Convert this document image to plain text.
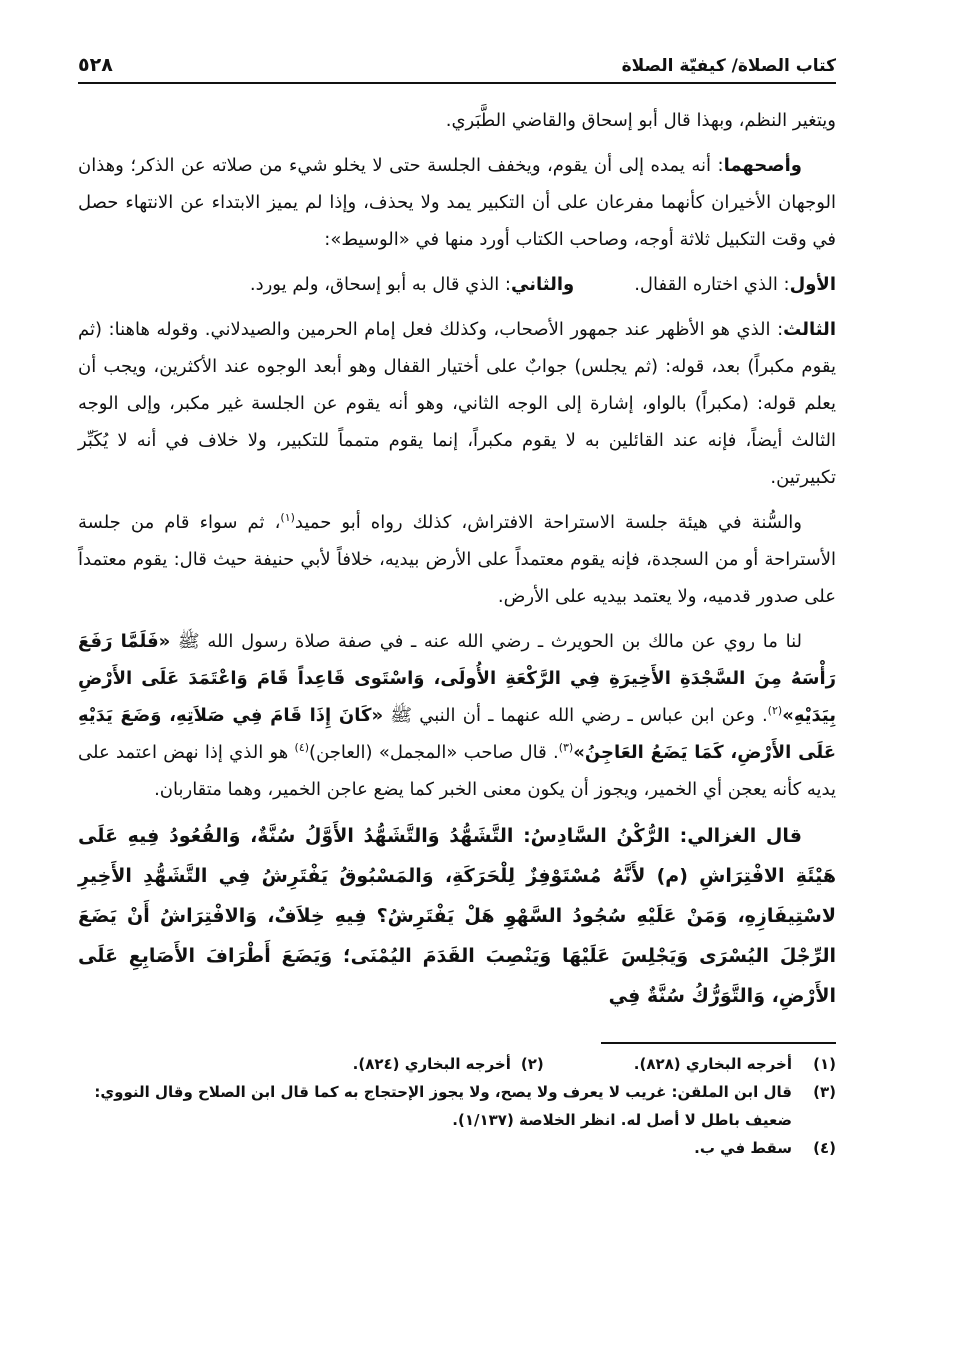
كتاب الصلاة/ كيفيّة الصلاة
٥٢٨

ويتغير النظم، وبهذا قال أبو إسحاق والقاضي الطَّبَري.

وأصحهما: أنه يمده إلى أن يقوم، ويخفف الجلسة حتى لا يخلو شيء من صلاته عن الذكر؛ وهذان الوجهان الأخيران كأنهما مفرعان على أن التكبير يمد ولا يحذف، وإذا لم يميز الابتداء عن الانتهاء حصل في وقت التكبيل ثلاثة أوجه، وصاحب الكتاب أورد منها في «الوسيط»:

الأول: الذي اختاره القفال.
والثاني: الذي قال به أبو إسحاق، ولم يورد.

الثالث: الذي هو الأظهر عند جمهور الأصحاب، وكذلك فعل إمام الحرمين والصيدلاني. وقوله هاهنا: (ثم يقوم مكبراً) بعد، قوله: (ثم يجلس) جوابٌ على أختيار القفال وهو أبعد الوجوه عند الأكثرين، ويجب أن يعلم قوله: (مكبراً) بالواو، إشارة إلى الوجه الثاني، وهو أنه يقوم عن الجلسة غير مكبر، وإلى الوجه الثالث أيضاً، فإنه عند القائلين به لا يقوم مكبراً، إنما يقوم متمماً للتكبير، ولا خلاف في أنه لا يُكَبِّر تكبيرتين.

والسُّنة في هيئة جلسة الاستراحة الافتراش، كذلك رواه أبو حميد$^{(١)}$، ثم سواء قام من جلسة الأستراحة أو من السجدة، فإنه يقوم معتمداً على الأرض بيديه، خلافاً لأبي حنيفة حيث قال: يقوم معتمداً على صدور قدميه، ولا يعتمد بيديه على الأرض.

لنا ما روي عن مالك بن الحويرث ـ رضي الله عنه ـ في صفة صلاة رسول الله ﷺ «فَلَمَّا رَفَعَ رَأْسَهُ مِنَ السَّجْدَةِ الأَخِيرَةِ فِي الرَّكْعَةِ الأُولَى، وَاسْتَوى قَاعِداً قَامَ وَاعْتَمَدَ عَلَى الأَرْضِ بِيَدَيْهِ»$^{(٢)}$. وعن ابن عباس ـ رضي الله عنهما ـ أن النبي ﷺ «كَانَ إِذَا قَامَ فِي صَلاَتِهِ، وَضَعَ يَدَيْهِ عَلَى الأَرْضِ، كَمَا يَضَعُ العَاجِنُ»$^{(٣)}$. قال صاحب «المجمل» (العاجن)$^{(٤)}$ هو الذي إذا نهض اعتمد على يديه كأنه يعجن أي الخمير، ويجوز أن يكون معنى الخبر كما يضع عاجن الخمير، وهما متقاربان.

قال الغزالي: الرُّكْنُ السَّادِسُ: التَّشَهُّدُ وَالتَّشَهُّدُ الأَوَّلُ سُنَّةٌ، وَالقُعُودُ فِيهِ عَلَى هَيْئَةِ الافْتِرَاشِ (م) لأَنَّهُ مُسْتَوْفِزٌ لِلْحَرَكَةِ، وَالمَسْبُوقُ يَفْتَرِشُ فِي التَّشَهُّدِ الأَخِيرِ لاسْتِيفَازِهِ، وَمَنْ عَلَيْهِ سُجُودُ السَّهْوِ هَلْ يَفْتَرِشُ؟ فِيهِ خِلاَفٌ، وَالافْتِرَاشُ أَنْ يَضَعَ الرِّجْلَ اليُسْرَى وَيَجْلِسَ عَلَيْهَا وَيَنْصِبَ القَدَمَ اليُمْنَى؛ وَيَضَعَ أَطْرَافَ الأَصَابِعِ عَلَى الأَرْضِ، وَالتَّوَرُّكُ سُنَّةٌ فِي

(١)
أخرجه البخاري (٨٢٨).
(٢)
أخرجه البخاري (٨٢٤).
(٣)
قال ابن الملقن: غريب لا يعرف ولا يصح، ولا يجوز الإحتجاج به كما قال ابن الصلاح وقال النووي: ضعيف باطل لا أصل له. انظر الخلاصة (١/١٣٧).
(٤)
سقط في ب.
